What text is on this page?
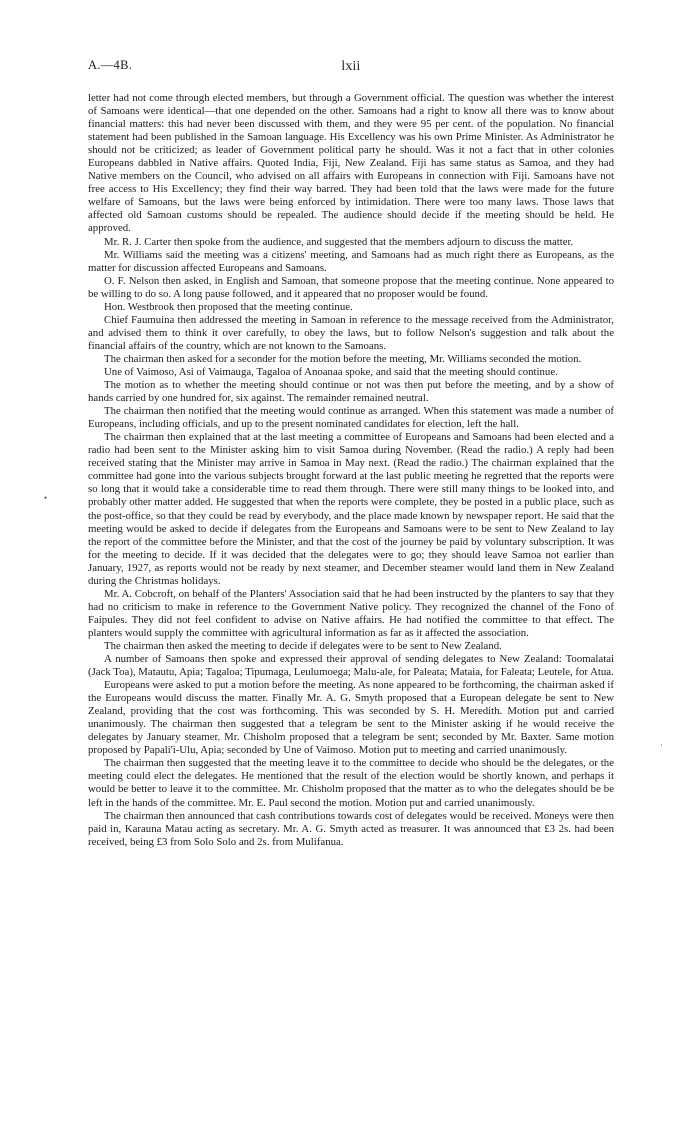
A.—4B.	lxii

letter had not come through elected members, but through a Government official. The question was whether the interest of Samoans were identical—that one depended on the other. Samoans had a right to know all there was to know about financial matters: this had never been discussed with them, and they were 95 per cent. of the population. No financial statement had been published in the Samoan language. His Excellency was his own Prime Minister. As Administrator he should not be criticized; as leader of Government political party he should. Was it not a fact that in other colonies Europeans dabbled in Native affairs. Quoted India, Fiji, New Zealand. Fiji has same status as Samoa, and they had Native members on the Council, who advised on all affairs with Europeans in connection with Fiji. Samoans have not free access to His Excellency; they find their way barred. They had been told that the laws were made for the future welfare of Samoans, but the laws were being enforced by intimidation. There were too many laws. Those laws that affected old Samoan customs should be repealed. The audience should decide if the meeting should be held. He approved.

Mr. R. J. Carter then spoke from the audience, and suggested that the members adjourn to discuss the matter.

Mr. Williams said the meeting was a citizens' meeting, and Samoans had as much right there as Europeans, as the matter for discussion affected Europeans and Samoans.

O. F. Nelson then asked, in English and Samoan, that someone propose that the meeting continue. None appeared to be willing to do so. A long pause followed, and it appeared that no proposer would be found.

Hon. Westbrook then proposed that the meeting continue.

Chief Faumuina then addressed the meeting in Samoan in reference to the message received from the Administrator, and advised them to think it over carefully, to obey the laws, but to follow Nelson's suggestion and talk about the financial affairs of the country, which are not known to the Samoans.

The chairman then asked for a seconder for the motion before the meeting, Mr. Williams seconded the motion.

Une of Vaimoso, Asi of Vaimauga, Tagaloa of Anoanaa spoke, and said that the meeting should continue.

The motion as to whether the meeting should continue or not was then put before the meeting, and by a show of hands carried by one hundred for, six against. The remainder remained neutral.

The chairman then notified that the meeting would continue as arranged. When this statement was made a number of Europeans, including officials, and up to the present nominated candidates for election, left the hall.

The chairman then explained that at the last meeting a committee of Europeans and Samoans had been elected and a radio had been sent to the Minister asking him to visit Samoa during November. (Read the radio.) A reply had been received stating that the Minister may arrive in Samoa in May next. (Read the radio.) The chairman explained that the committee had gone into the various subjects brought forward at the last public meeting he regretted that the reports were so long that it would take a considerable time to read them through. There were still many things to be looked into, and probably other matter added. He suggested that when the reports were complete, they be posted in a public place, such as the post-office, so that they could be read by everybody, and the place made known by newspaper report. He said that the meeting would be asked to decide if delegates from the Europeans and Samoans were to be sent to New Zealand to lay the report of the committee before the Minister, and that the cost of the journey be paid by voluntary subscription. It was for the meeting to decide. If it was decided that the delegates were to go; they should leave Samoa not earlier than January, 1927, as reports would not be ready by next steamer, and December steamer would land them in New Zealand during the Christmas holidays.

Mr. A. Cobcroft, on behalf of the Planters' Association said that he had been instructed by the planters to say that they had no criticism to make in reference to the Government Native policy. They recognized the channel of the Fono of Faipules. They did not feel confident to advise on Native affairs. He had notified the committee to that effect. The planters would supply the committee with agricultural information as far as it affected the association.

The chairman then asked the meeting to decide if delegates were to be sent to New Zealand.

A number of Samoans then spoke and expressed their approval of sending delegates to New Zealand: Toomalatai (Jack Toa), Matautu, Apia; Tagaloa; Tipumaga, Leulumoega; Malu-ale, for Paleata; Mataia, for Faleata; Leutele, for Atua.

Europeans were asked to put a motion before the meeting. As none appeared to be forthcoming, the chairman asked if the Europeans would discuss the matter. Finally Mr. A. G. Smyth proposed that a European delegate be sent to New Zealand, providing that the cost was forthcoming. This was seconded by S. H. Meredith. Motion put and carried unanimously. The chairman then suggested that a telegram be sent to the Minister asking if he would receive the delegates by January steamer. Mr. Chisholm proposed that a telegram be sent; seconded by Mr. Baxter. Same motion proposed by Papali'i-Ulu, Apia; seconded by Une of Vaimoso. Motion put to meeting and carried unanimously.

The chairman then suggested that the meeting leave it to the committee to decide who should be the delegates, or the meeting could elect the delegates. He mentioned that the result of the election would be shortly known, and perhaps it would be better to leave it to the committee. Mr. Chisholm proposed that the matter as to who the delegates should be be left in the hands of the committee. Mr. E. Paul second the motion. Motion put and carried unanimously.

The chairman then announced that cash contributions towards cost of delegates would be received. Moneys were then paid in, Karauna Matau acting as secretary. Mr. A. G. Smyth acted as treasurer. It was announced that £3 2s. had been received, being £3 from Solo Solo and 2s. from Mulifanua.

•
·
